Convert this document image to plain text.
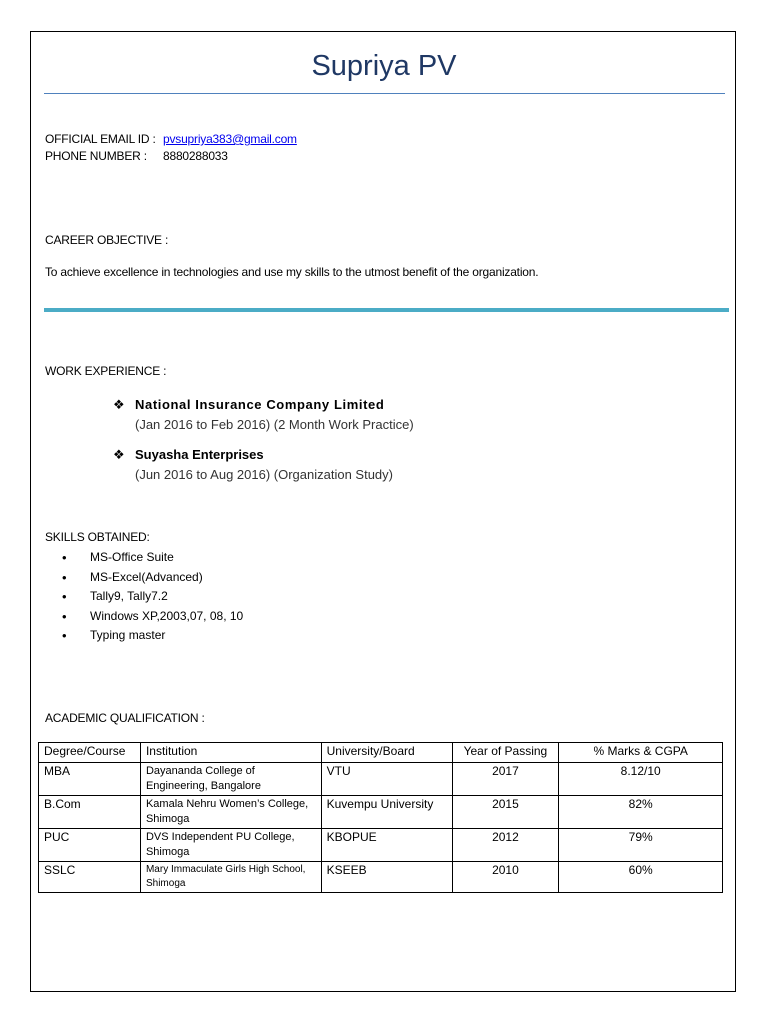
Supriya PV
OFFICIAL EMAIL ID : pvsupriya383@gmail.com
PHONE NUMBER : 8880288033
CAREER OBJECTIVE :
To achieve excellence in technologies and use my skills to the utmost benefit of the organization.
WORK EXPERIENCE :
❖ National Insurance Company Limited
(Jan 2016 to Feb 2016) (2 Month Work Practice)
❖ Suyasha Enterprises
(Jun 2016 to Aug 2016) (Organization Study)
SKILLS OBTAINED:
• MS-Office Suite
• MS-Excel(Advanced)
• Tally9, Tally7.2
• Windows XP,2003,07, 08, 10
• Typing master
ACADEMIC QUALIFICATION :
Degree/Course	Institution	University/Board	Year of Passing	% Marks & CGPA
MBA	Dayananda College of Engineering, Bangalore	VTU	2017	8.12/10
B.Com	Kamala Nehru Women’s College, Shimoga	Kuvempu University	2015	82%
PUC	DVS Independent PU College, Shimoga	KBOPUE	2012	79%
SSLC	Mary Immaculate Girls High School, Shimoga	KSEEB	2010	60%
